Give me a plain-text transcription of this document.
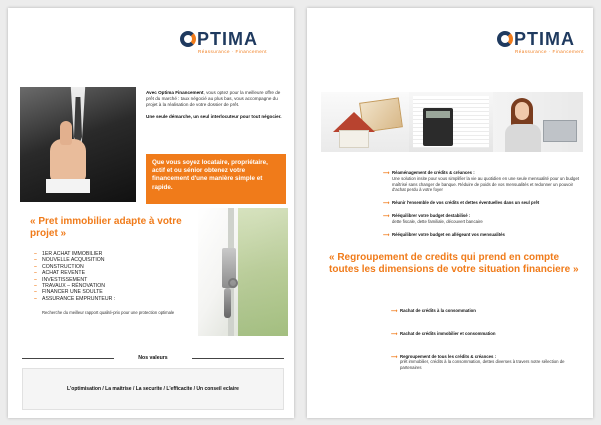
PTIMA
Réassurance · Financement

Avec Optima Financement, vous optez pour la meilleure offre de prêt du marché : taux négocié au plus bas, vous accompagne du projet à la réalisation de votre dossier de prêt.

Une seule démarche, un seul interlocuteur pour tout négocier.

Que vous soyez locataire, propriétaire, actif et ou sénior obtenez votre financement d'une manière simple et rapide.
« Pret immobilier adapte à votre projet »
– 1ER ACHAT IMMOBILIER
– NOUVELLE ACQUISITION
– CONSTRUCTION
– ACHAT REVENTE
– INVESTISSEMENT
– TRAVAUX – RÉNOVATION
– FINANCER UNE SOULTE
– ASSURANCE EMPRUNTEUR :
Recherche du meilleur rapport qualité-prix pour une protection optimale
Nos valeurs
L'optimisation / La maitrise / La securite / L'efficacite / Un conseil eclaire
PTIMA
Réassurance · Financement
⟶ Réaménagement de crédits & créances :
Une solution insite pour vous simplifier la vie au quotidien en une seule mensualité pour un budget maîtrisé sans changer de banque. Réduire de poids de vos mensualités et redonner un pouvoir d'achat perdu à votre foyer
⟶ Réunir l'ensemble de vos crédits et dettes éventuelles dans un seul prêt
⟶ Rééquilibrer votre budget destabilisé :
dette fiscale, dette familiale, découvert bancaire
⟶ Rééquilibrer votre budget en allégeant vos mensualités
« Regroupement de credits qui prend en compte toutes les dimensions de votre situation financiere »
⟶ Rachat de crédits à la consommation
⟶ Rachat de crédits immobilier et consommation
⟶ Regroupement de tous les crédits & créances :
prêt immobilier, crédits à la consommation, dettes diverses à travers notre sélection de partenaires
